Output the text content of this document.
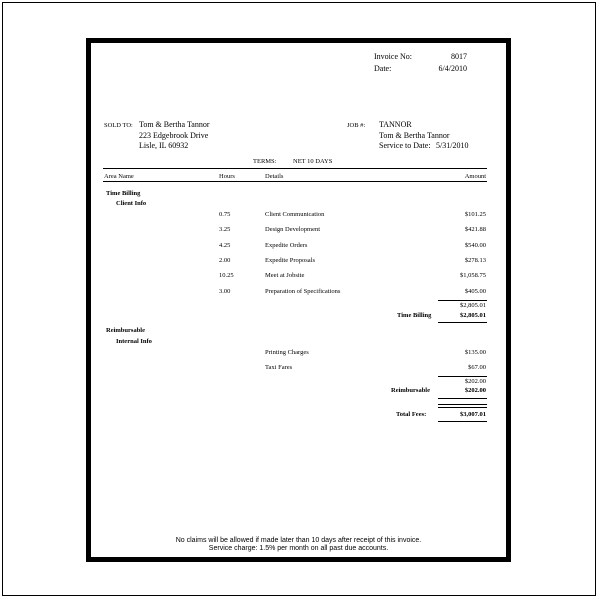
Invoice No:	8017
Date:	6/4/2010
SOLD TO: Tom & Bertha Tannor
223 Edgebrook Drive
Lisle, IL 60932
JOB #: TANNOR
Tom & Bertha Tannor
Service to Date: 5/31/2010
TERMS:	NET 10 DAYS
Area Name	Hours	Details	Amount
Time Billing
Client Info
0.75	Client Communication	$101.25
3.25	Design Development	$421.88
4.25	Expedite Orders	$540.00
2.00	Expedite Proposals	$278.13
10.25	Meet at Jobsite	$1,058.75
3.00	Preparation of Specifications	$405.00
$2,805.01
Time Billing	$2,805.01
Reimbursable
Internal Info
Printing Charges	$135.00
Taxi Fares	$67.00
$202.00
Reimbursable	$202.00
Total Fees:	$3,007.01
No claims will be allowed if made later than 10 days after receipt of this invoice.
Service charge: 1.5% per month on all past due accounts.
